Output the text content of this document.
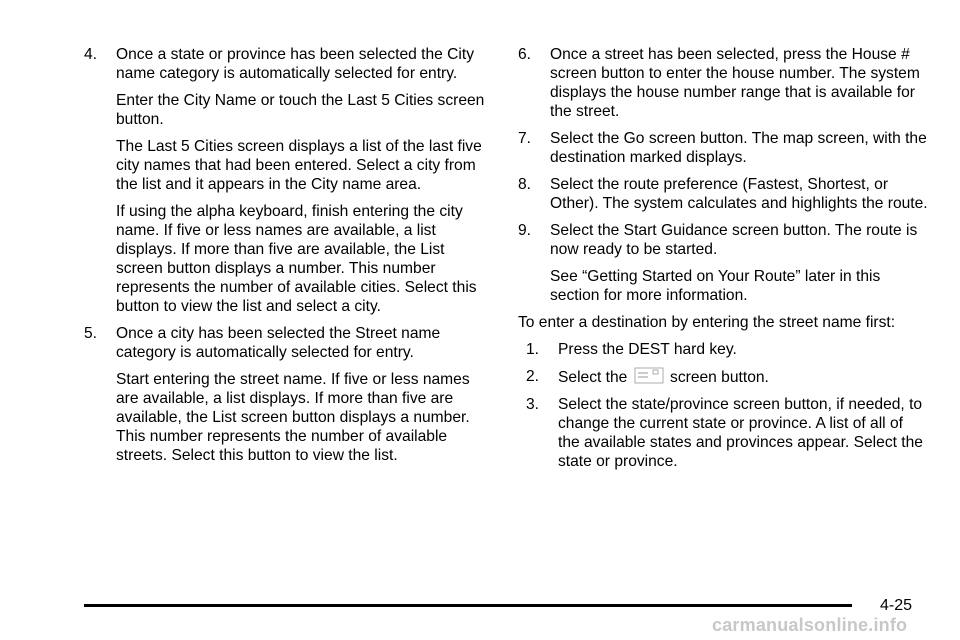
4. Once a state or province has been selected the City name category is automatically selected for entry.

Enter the City Name or touch the Last 5 Cities screen button.

The Last 5 Cities screen displays a list of the last five city names that had been entered. Select a city from the list and it appears in the City name area.

If using the alpha keyboard, finish entering the city name. If five or less names are available, a list displays. If more than five are available, the List screen button displays a number. This number represents the number of available cities. Select this button to view the list and select a city.

5. Once a city has been selected the Street name category is automatically selected for entry.

Start entering the street name. If five or less names are available, a list displays. If more than five are available, the List screen button displays a number. This number represents the number of available streets. Select this button to view the list.

6. Once a street has been selected, press the House # screen button to enter the house number. The system displays the house number range that is available for the street.

7. Select the Go screen button. The map screen, with the destination marked displays.

8. Select the route preference (Fastest, Shortest, or Other). The system calculates and highlights the route.

9. Select the Start Guidance screen button. The route is now ready to be started.

See “Getting Started on Your Route” later in this section for more information.

To enter a destination by entering the street name first:

1. Press the DEST hard key.

2. Select the	screen button.

3. Select the state/province screen button, if needed, to change the current state or province. A list of all of the available states and provinces appear. Select the state or province.

4-25
carmanualsonline.info
